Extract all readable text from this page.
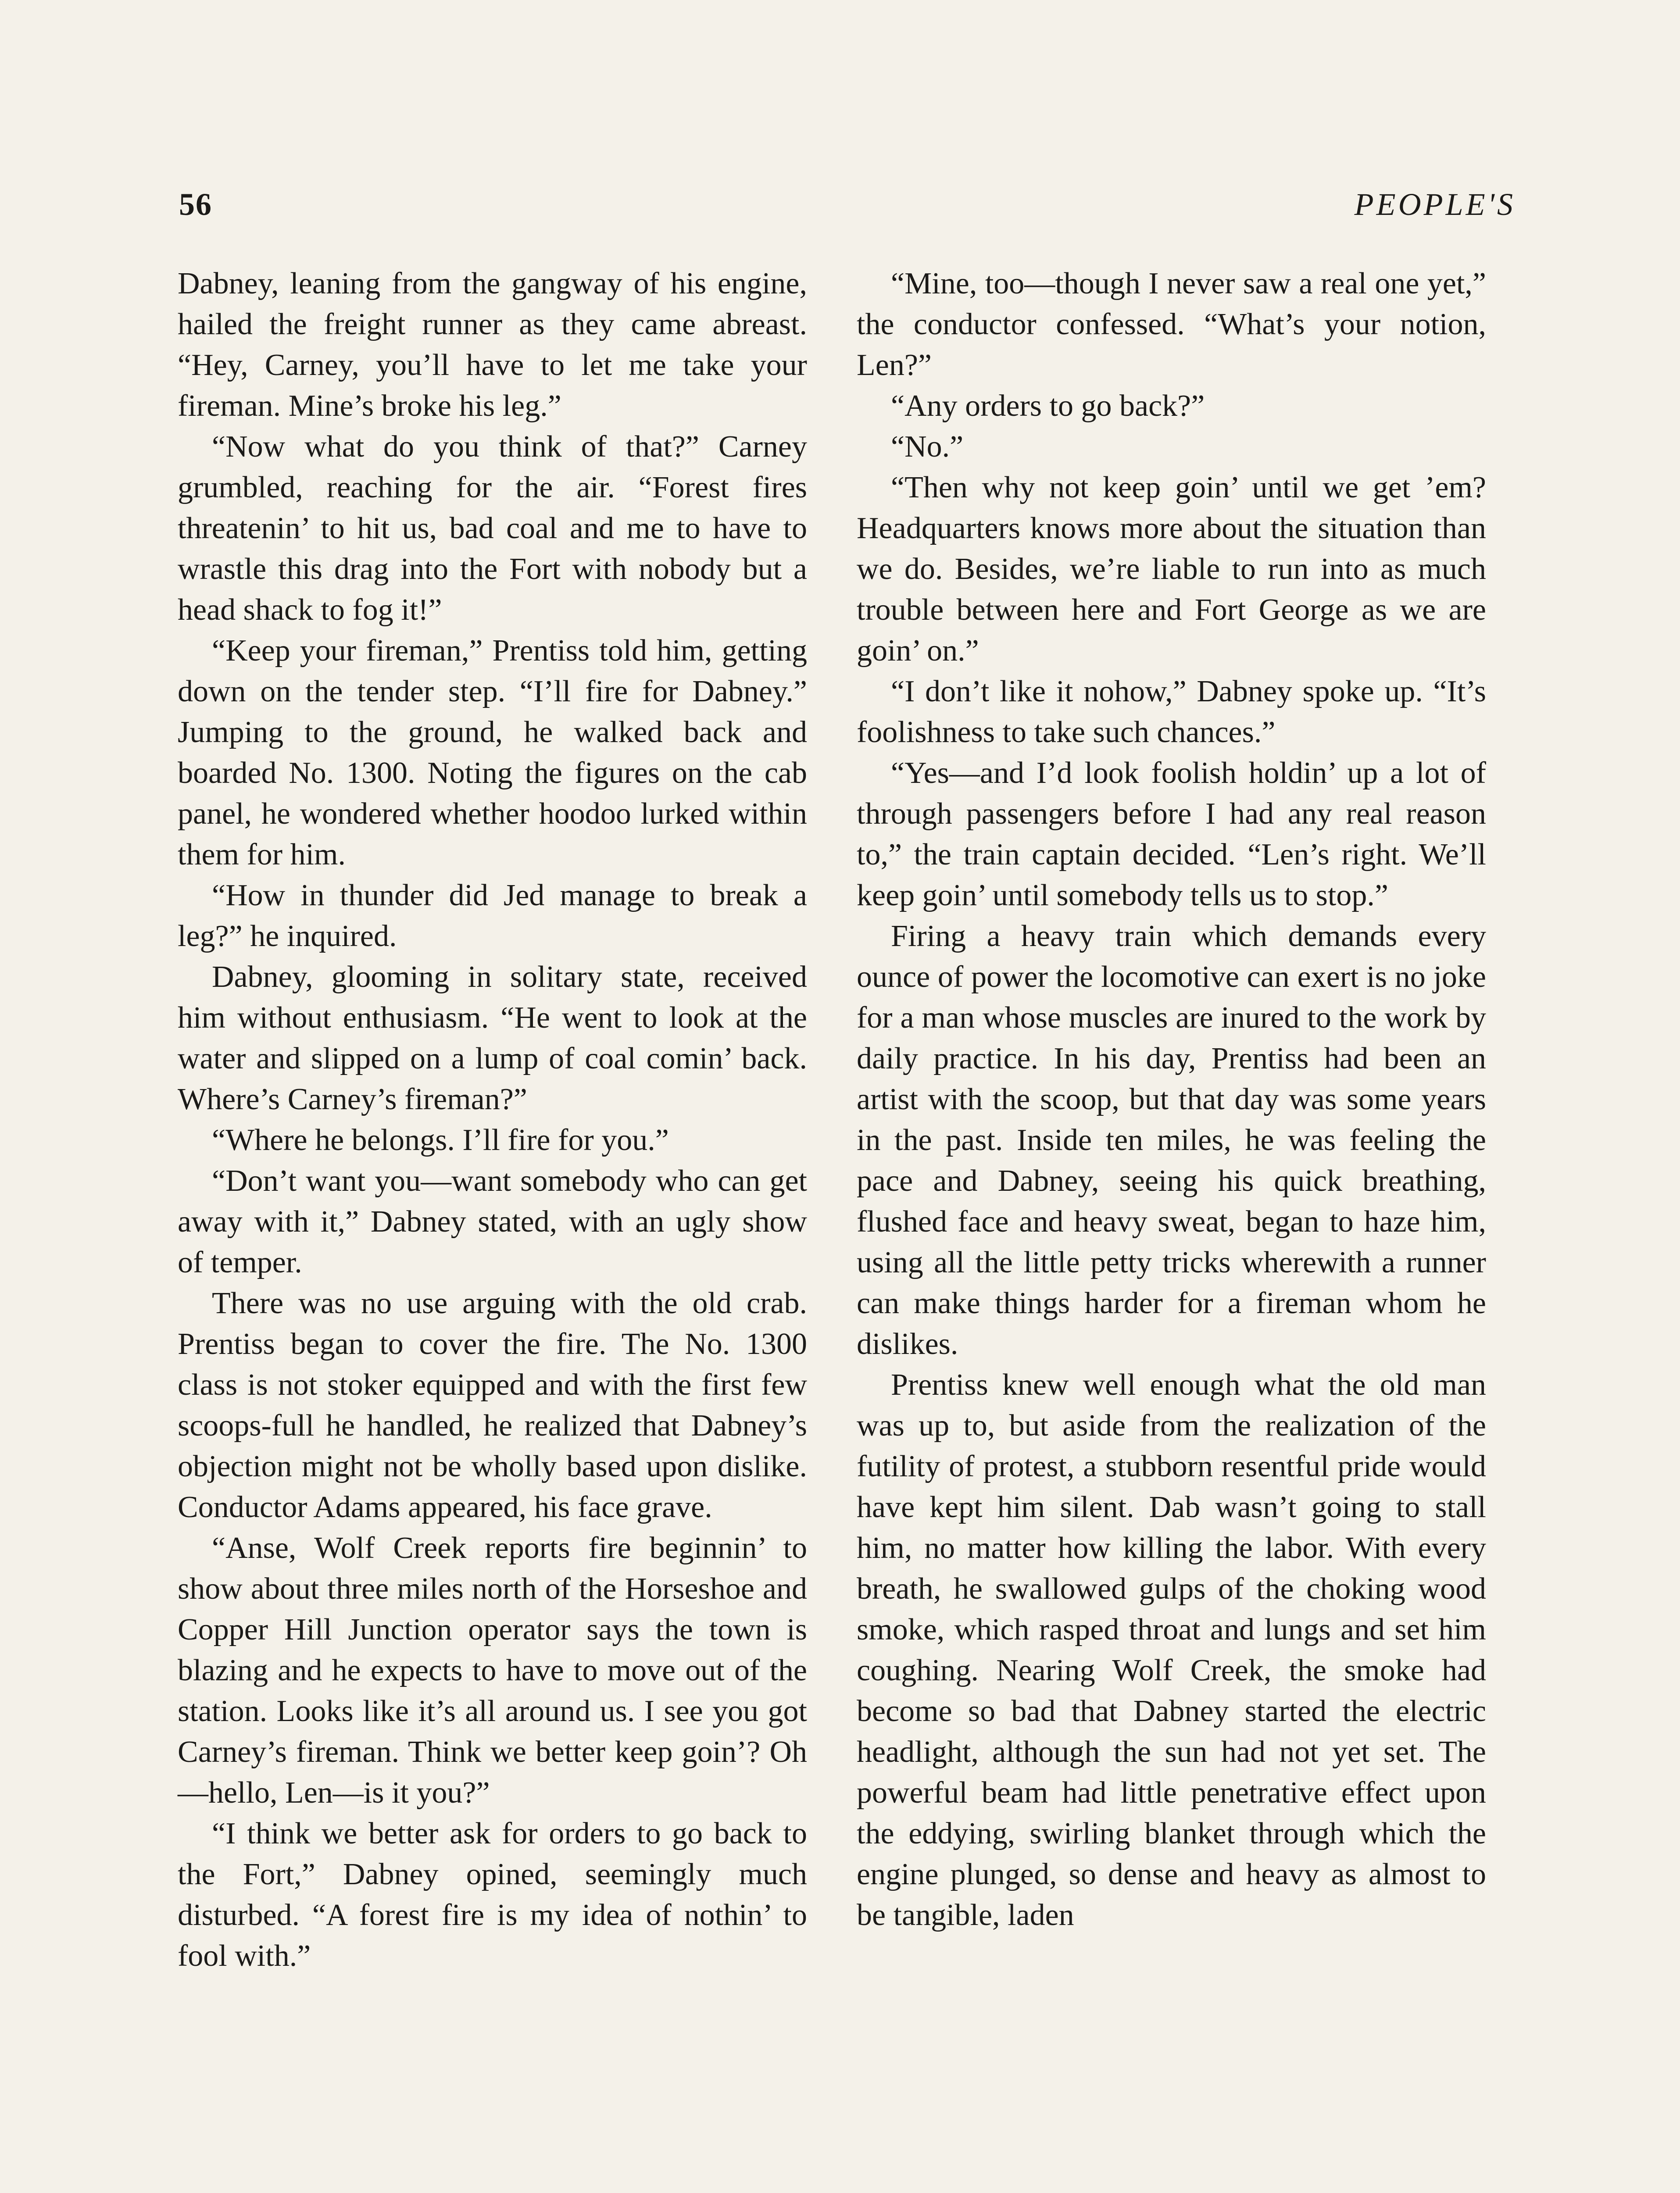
56	PEOPLE'S

Dabney, leaning from the gangway of his engine, hailed the freight runner as they came abreast. “Hey, Carney, you’ll have to let me take your fireman. Mine’s broke his leg.”

“Now what do you think of that?” Carney grumbled, reaching for the air. “Forest fires threatenin’ to hit us, bad coal and me to have to wrastle this drag into the Fort with nobody but a head shack to fog it!”

“Keep your fireman,” Prentiss told him, getting down on the tender step. “I’ll fire for Dabney.” Jumping to the ground, he walked back and boarded No. 1300. Noting the figures on the cab panel, he wondered whether hoodoo lurked within them for him.

“How in thunder did Jed manage to break a leg?” he inquired.

Dabney, glooming in solitary state, received him without enthusiasm. “He went to look at the water and slipped on a lump of coal comin’ back. Where’s Carney’s fireman?”

“Where he belongs. I’ll fire for you.”

“Don’t want you—want somebody who can get away with it,” Dabney stated, with an ugly show of temper.

There was no use arguing with the old crab. Prentiss began to cover the fire. The No. 1300 class is not stoker equipped and with the first few scoops-full he handled, he realized that Dabney’s objection might not be wholly based upon dislike. Conductor Adams appeared, his face grave.

“Anse, Wolf Creek reports fire beginnin’ to show about three miles north of the Horseshoe and Copper Hill Junction operator says the town is blazing and he expects to have to move out of the station. Looks like it’s all around us. I see you got Carney’s fireman. Think we better keep goin’? Oh—hello, Len—is it you?”

“I think we better ask for orders to go back to the Fort,” Dabney opined, seemingly much disturbed. “A forest fire is my idea of nothin’ to fool with.”

“Mine, too—though I never saw a real one yet,” the conductor confessed. “What’s your notion, Len?”

“Any orders to go back?”

“No.”

“Then why not keep goin’ until we get ’em? Headquarters knows more about the situation than we do. Besides, we’re liable to run into as much trouble between here and Fort George as we are goin’ on.”

“I don’t like it nohow,” Dabney spoke up. “It’s foolishness to take such chances.”

“Yes—and I’d look foolish holdin’ up a lot of through passengers before I had any real reason to,” the train captain decided. “Len’s right. We’ll keep goin’ until somebody tells us to stop.”

Firing a heavy train which demands every ounce of power the locomotive can exert is no joke for a man whose muscles are inured to the work by daily practice. In his day, Prentiss had been an artist with the scoop, but that day was some years in the past. Inside ten miles, he was feeling the pace and Dabney, seeing his quick breathing, flushed face and heavy sweat, began to haze him, using all the little petty tricks wherewith a runner can make things harder for a fireman whom he dislikes.

Prentiss knew well enough what the old man was up to, but aside from the realization of the futility of protest, a stubborn resentful pride would have kept him silent. Dab wasn’t going to stall him, no matter how killing the labor. With every breath, he swallowed gulps of the choking wood smoke, which rasped throat and lungs and set him coughing. Nearing Wolf Creek, the smoke had become so bad that Dabney started the electric headlight, although the sun had not yet set. The powerful beam had little penetrative effect upon the eddying, swirling blanket through which the engine plunged, so dense and heavy as almost to be tangible, laden
